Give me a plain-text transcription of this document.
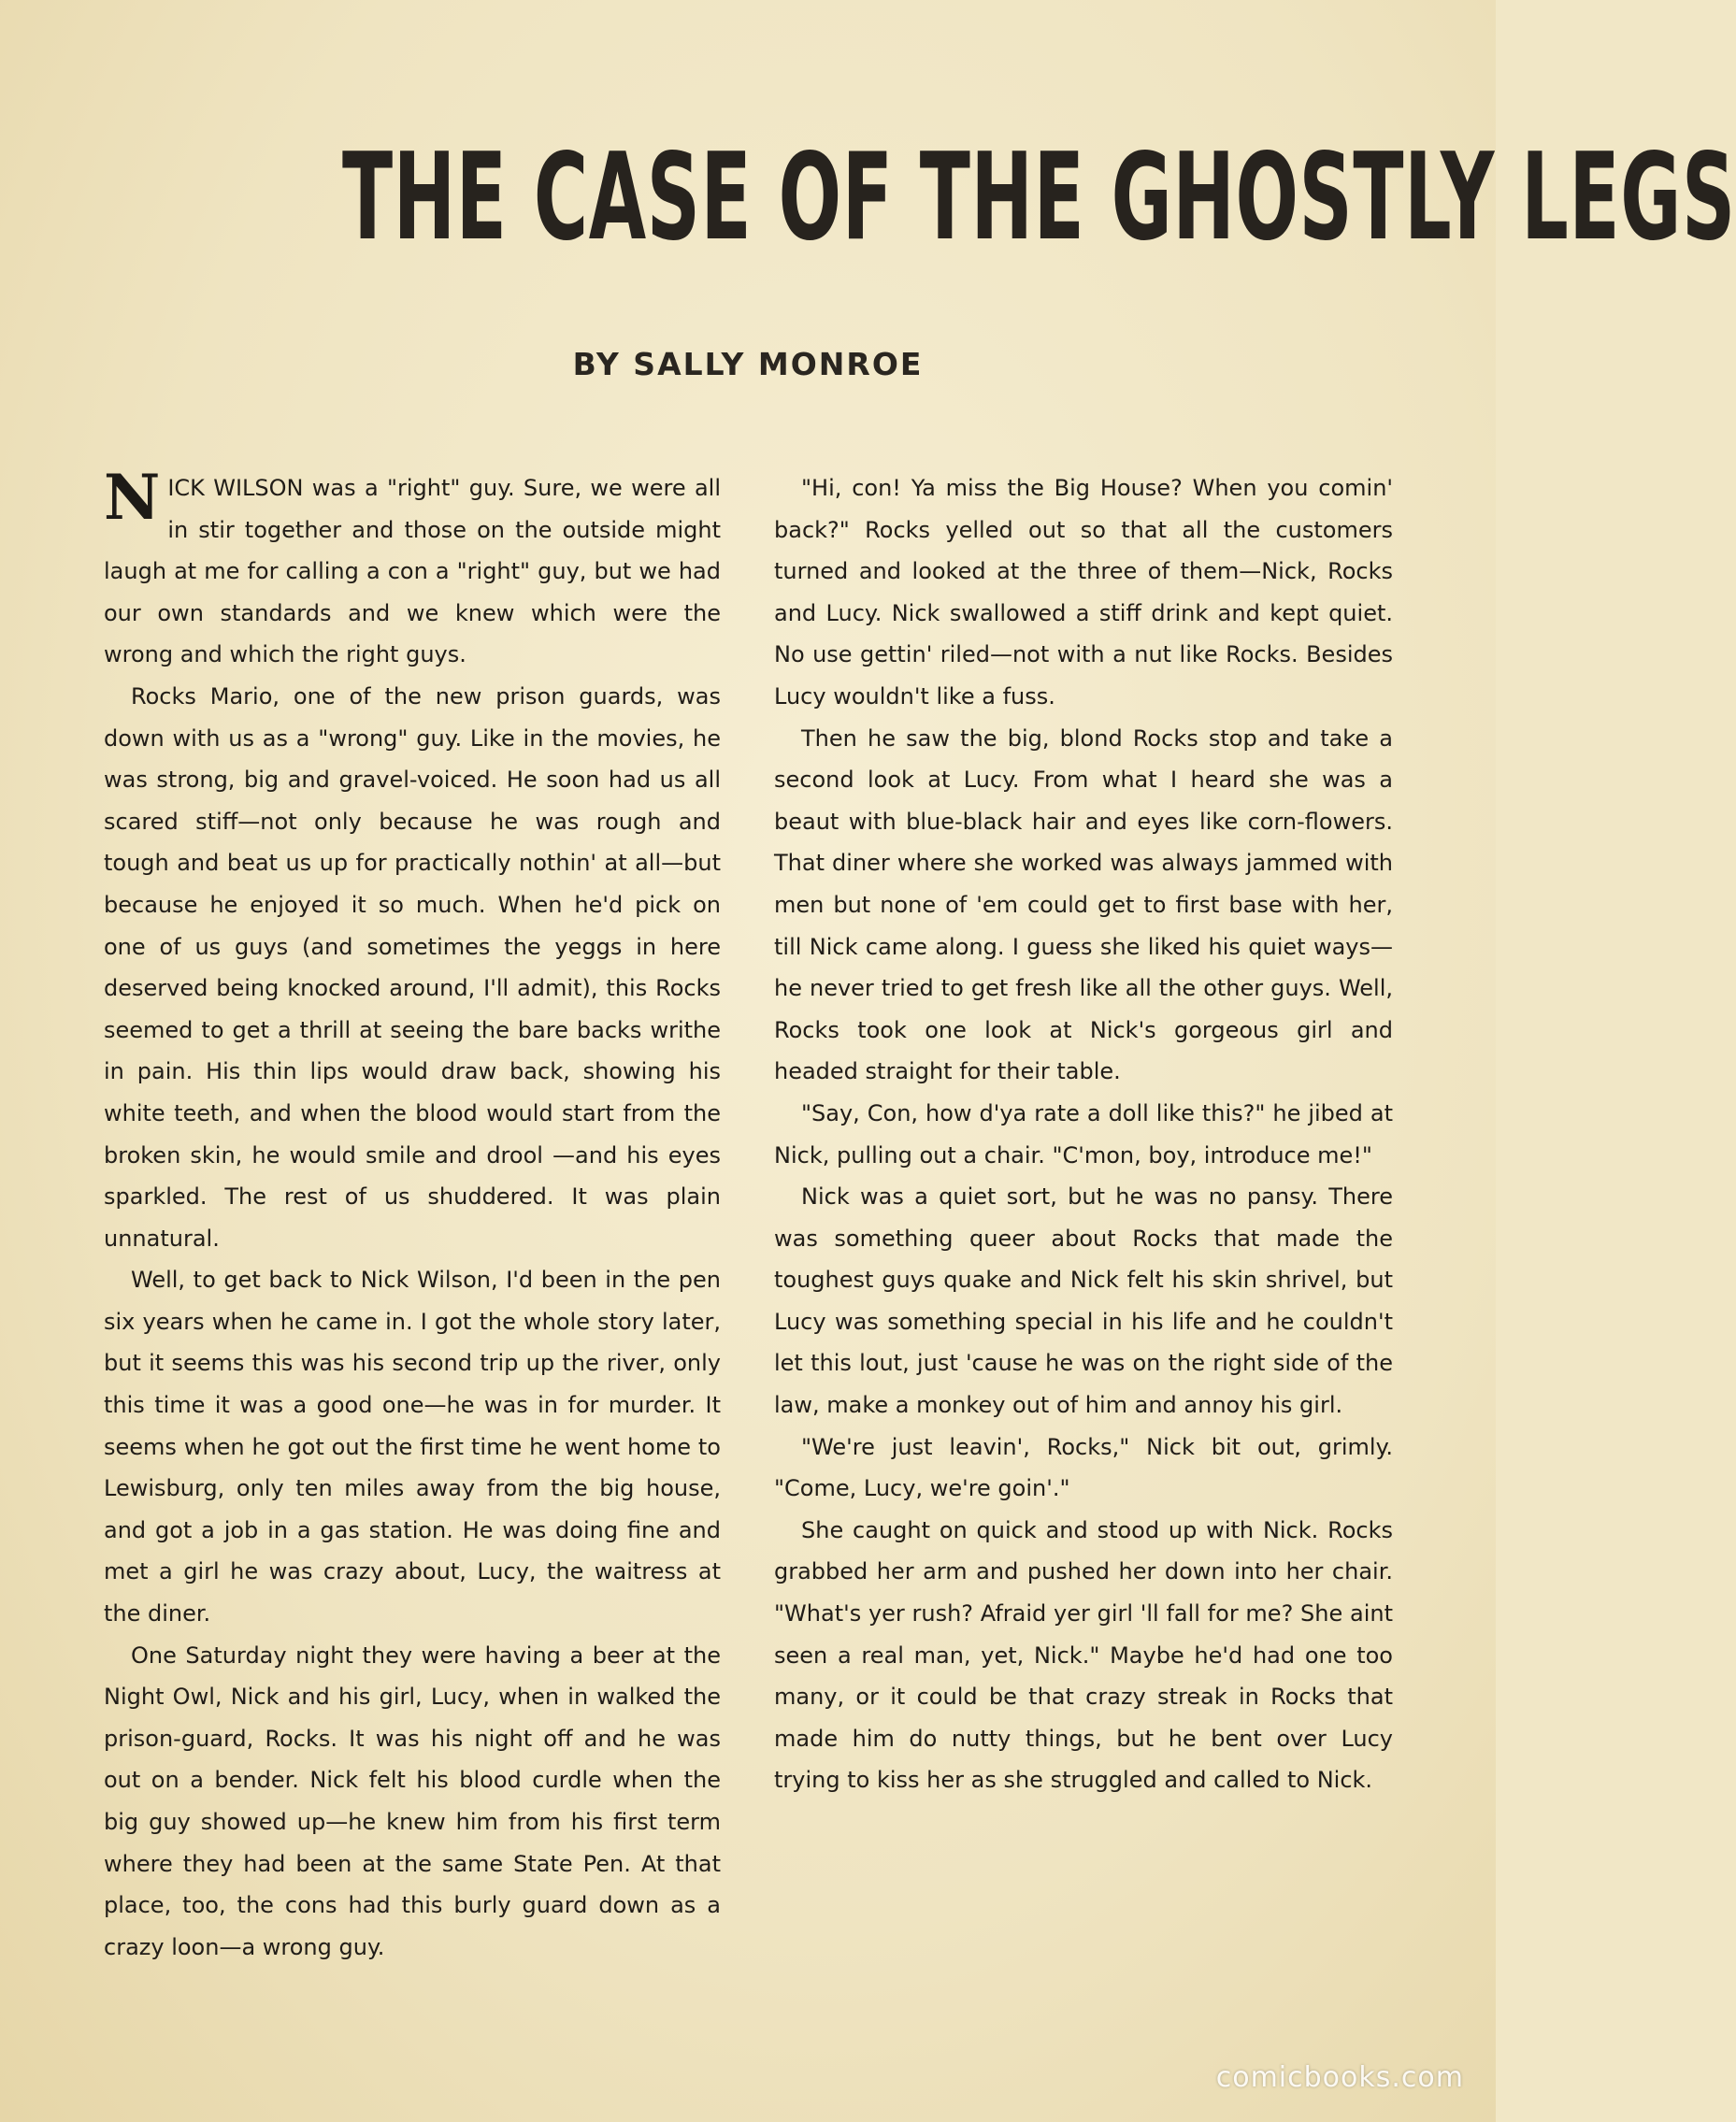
THE CASE OF THE GHOSTLY LEGS
BY SALLY MONROE

NICK WILSON was a "right" guy. Sure, we were all in stir together and those on the outside might laugh at me for calling a con a "right" guy, but we had our own standards and we knew which were the wrong and which the right guys.

Rocks Mario, one of the new prison guards, was down with us as a "wrong" guy. Like in the movies, he was strong, big and gravel-voiced. He soon had us all scared stiff—not only because he was rough and tough and beat us up for practically nothin' at all—but because he enjoyed it so much. When he'd pick on one of us guys (and sometimes the yeggs in here deserved being knocked around, I'll admit), this Rocks seemed to get a thrill at seeing the bare backs writhe in pain. His thin lips would draw back, showing his white teeth, and when the blood would start from the broken skin, he would smile and drool —and his eyes sparkled. The rest of us shuddered. It was plain unnatural.

Well, to get back to Nick Wilson, I'd been in the pen six years when he came in. I got the whole story later, but it seems this was his second trip up the river, only this time it was a good one—he was in for murder. It seems when he got out the first time he went home to Lewisburg, only ten miles away from the big house, and got a job in a gas station. He was doing fine and met a girl he was crazy about, Lucy, the waitress at the diner.

One Saturday night they were having a beer at the Night Owl, Nick and his girl, Lucy, when in walked the prison-guard, Rocks. It was his night off and he was out on a bender. Nick felt his blood curdle when the big guy showed up—he knew him from his first term where they had been at the same State Pen. At that place, too, the cons had this burly guard down as a crazy loon—a wrong guy.

"Hi, con! Ya miss the Big House? When you comin' back?" Rocks yelled out so that all the customers turned and looked at the three of them—Nick, Rocks and Lucy. Nick swallowed a stiff drink and kept quiet. No use gettin' riled—not with a nut like Rocks. Besides Lucy wouldn't like a fuss.

Then he saw the big, blond Rocks stop and take a second look at Lucy. From what I heard she was a beaut with blue-black hair and eyes like corn-flowers. That diner where she worked was always jammed with men but none of 'em could get to first base with her, till Nick came along. I guess she liked his quiet ways—he never tried to get fresh like all the other guys. Well, Rocks took one look at Nick's gorgeous girl and headed straight for their table.

"Say, Con, how d'ya rate a doll like this?" he jibed at Nick, pulling out a chair. "C'mon, boy, introduce me!"

Nick was a quiet sort, but he was no pansy. There was something queer about Rocks that made the toughest guys quake and Nick felt his skin shrivel, but Lucy was something special in his life and he couldn't let this lout, just 'cause he was on the right side of the law, make a monkey out of him and annoy his girl.

"We're just leavin', Rocks," Nick bit out, grimly. "Come, Lucy, we're goin'."

She caught on quick and stood up with Nick. Rocks grabbed her arm and pushed her down into her chair. "What's yer rush? Afraid yer girl 'll fall for me? She aint seen a real man, yet, Nick." Maybe he'd had one too many, or it could be that crazy streak in Rocks that made him do nutty things, but he bent over Lucy trying to kiss her as she struggled and called to Nick.

comicbooks.com
